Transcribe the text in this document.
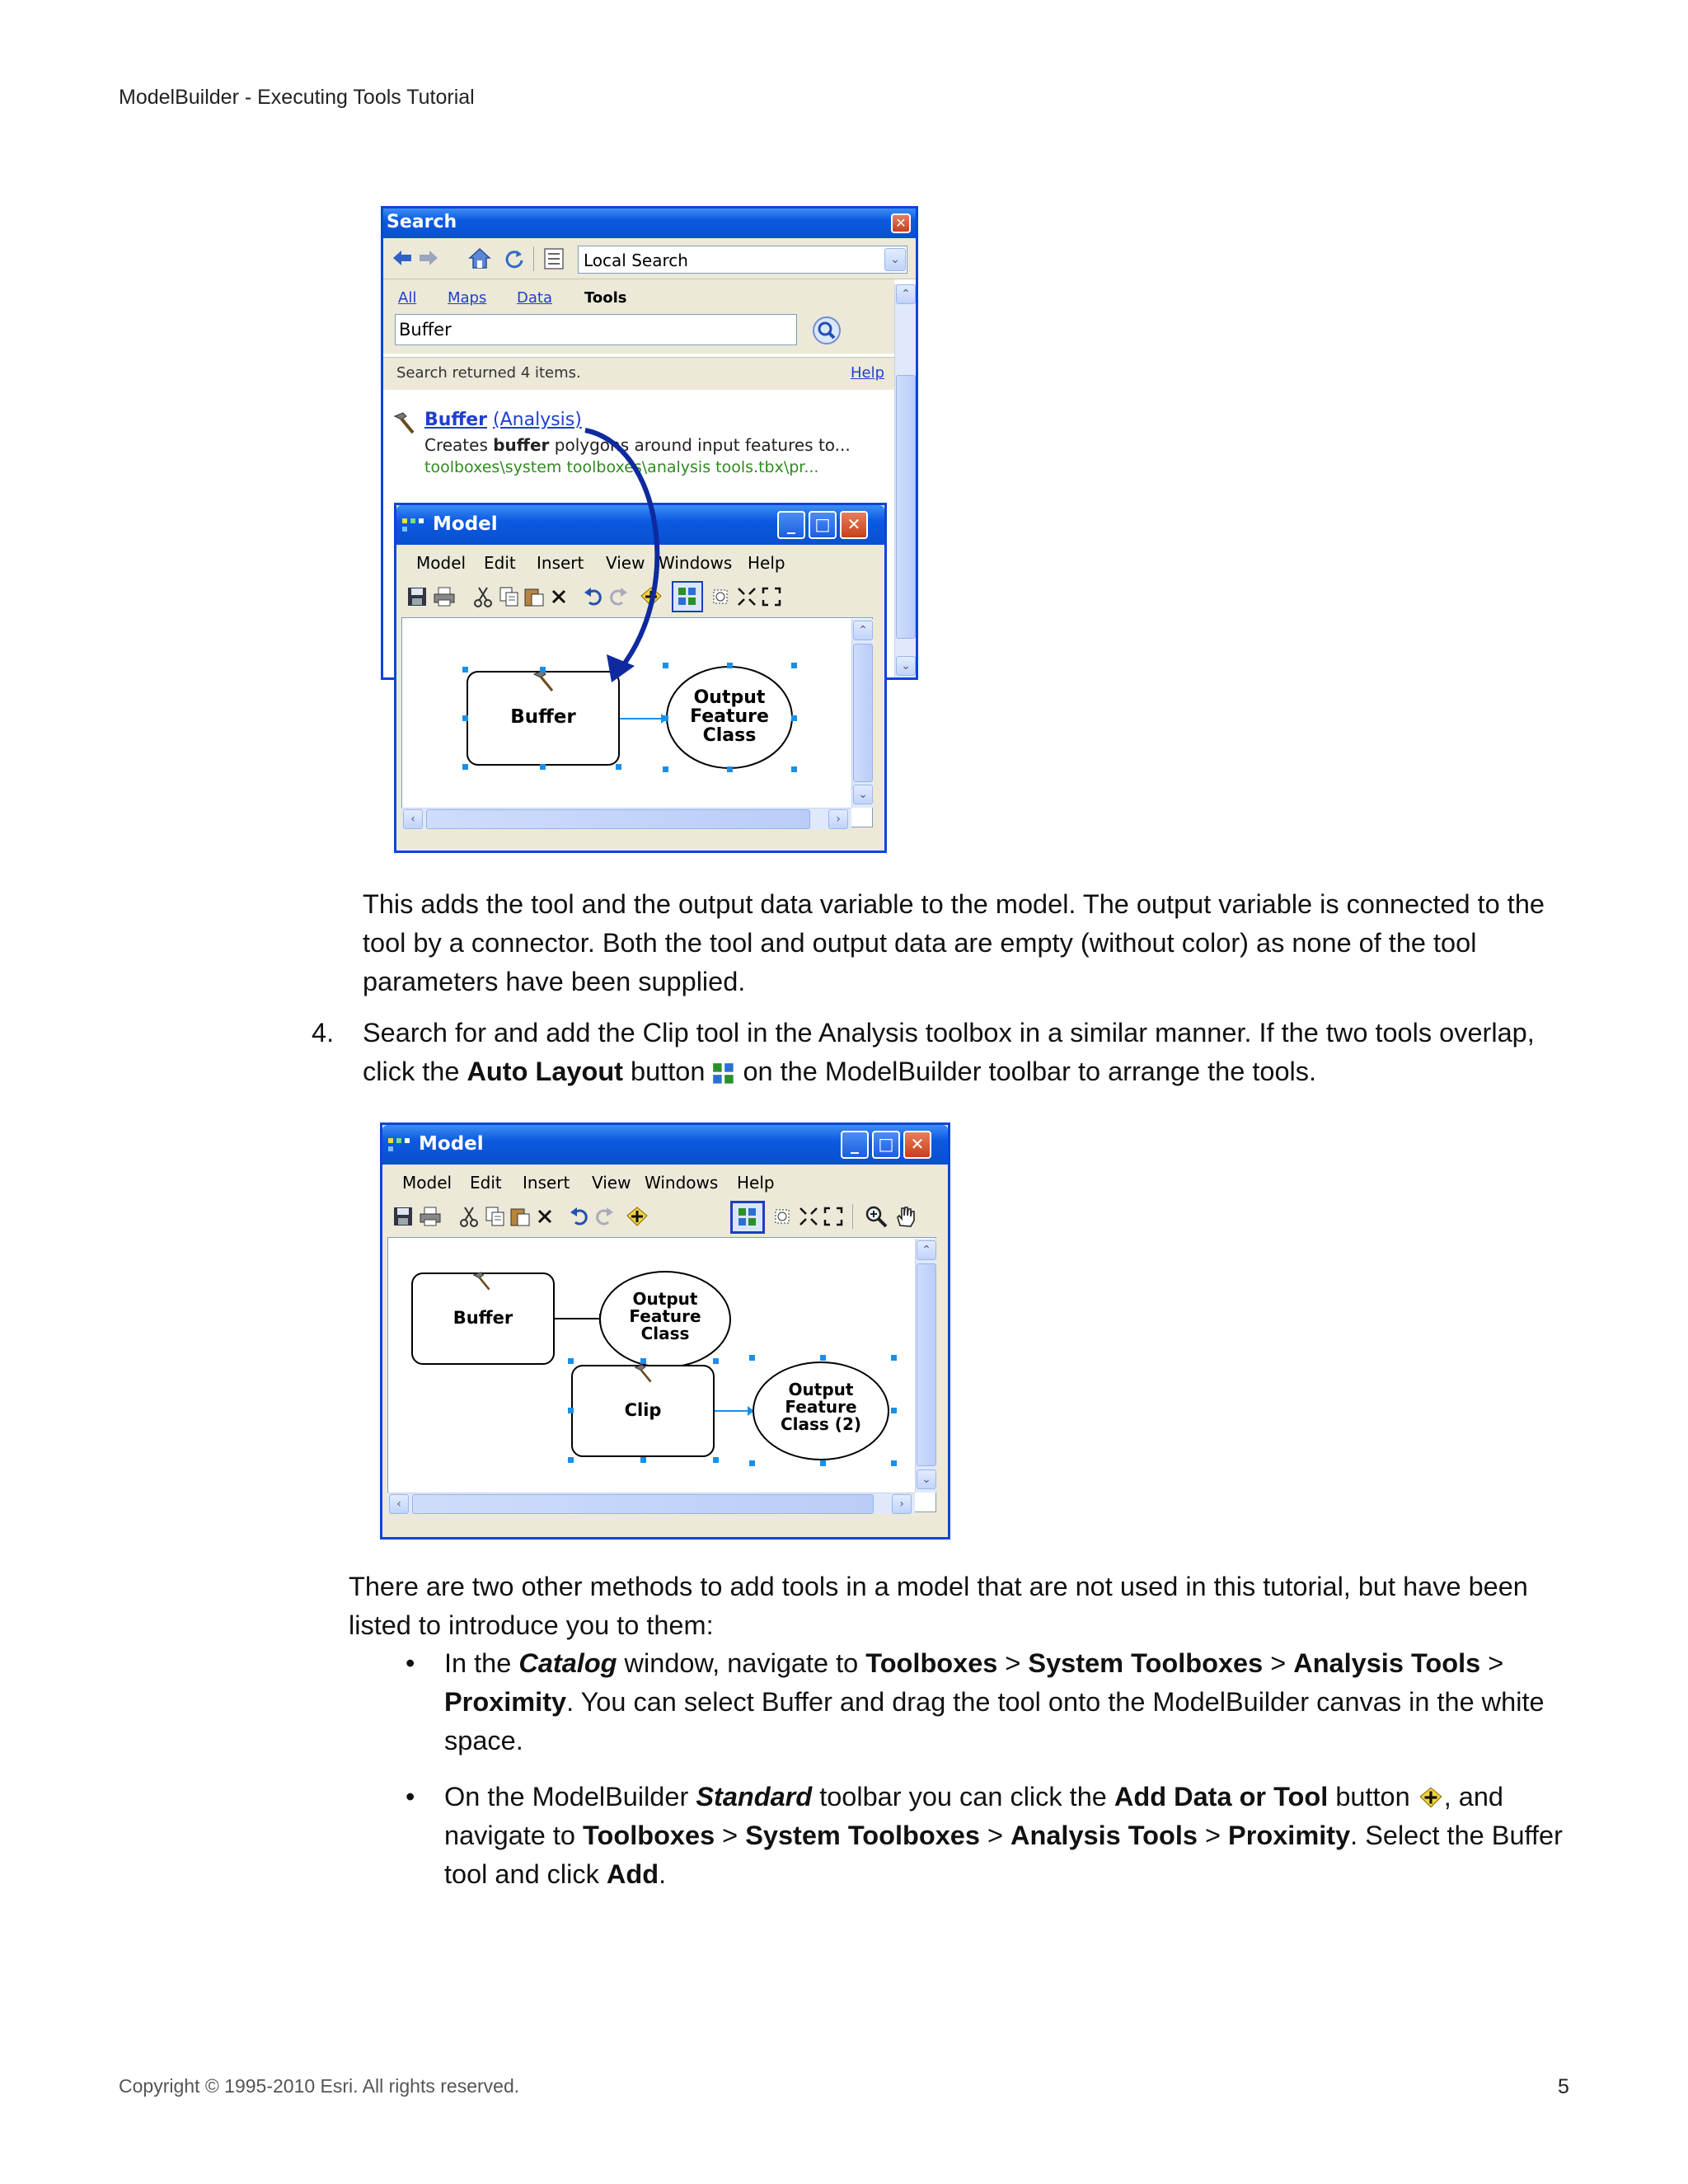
ModelBuilder - Executing Tools Tutorial
Search	✕
Local Search	⌄
All Maps Data Tools
Buffer
Search returned 4 items.	Help
Buffer (Analysis)
Creates buffer polygons around input features to...
toolboxes\system toolboxes\analysis tools.tbx\pr...
⌃
⌄
Model	_	□	✕
Model Edit Insert View Windows Help
Buffer
Output
Feature
Class
⌃
⌄
‹	›
This adds the tool and the output data variable to the model. The output variable is connected to the tool by a connector. Both the tool and output data are empty (without color) as none of the tool parameters have been supplied.
4. Search for and add the Clip tool in the Analysis toolbox in a similar manner. If the two tools overlap, click the Auto Layout button  on the ModelBuilder toolbar to arrange the tools.
Model	_	□	✕
Model Edit Insert View Windows Help
Buffer
Output
Feature
Class
Clip
Output
Feature
Class (2)
⌃
⌄
‹	›
There are two other methods to add tools in a model that are not used in this tutorial, but have been listed to introduce you to them:
• In the Catalog window, navigate to Toolboxes > System Toolboxes > Analysis Tools > Proximity. You can select Buffer and drag the tool onto the ModelBuilder canvas in the white space.
• On the ModelBuilder Standard toolbar you can click the Add Data or Tool button , and navigate to Toolboxes > System Toolboxes > Analysis Tools > Proximity. Select the Buffer tool and click Add.
Copyright © 1995-2010 Esri. All rights reserved.	5
